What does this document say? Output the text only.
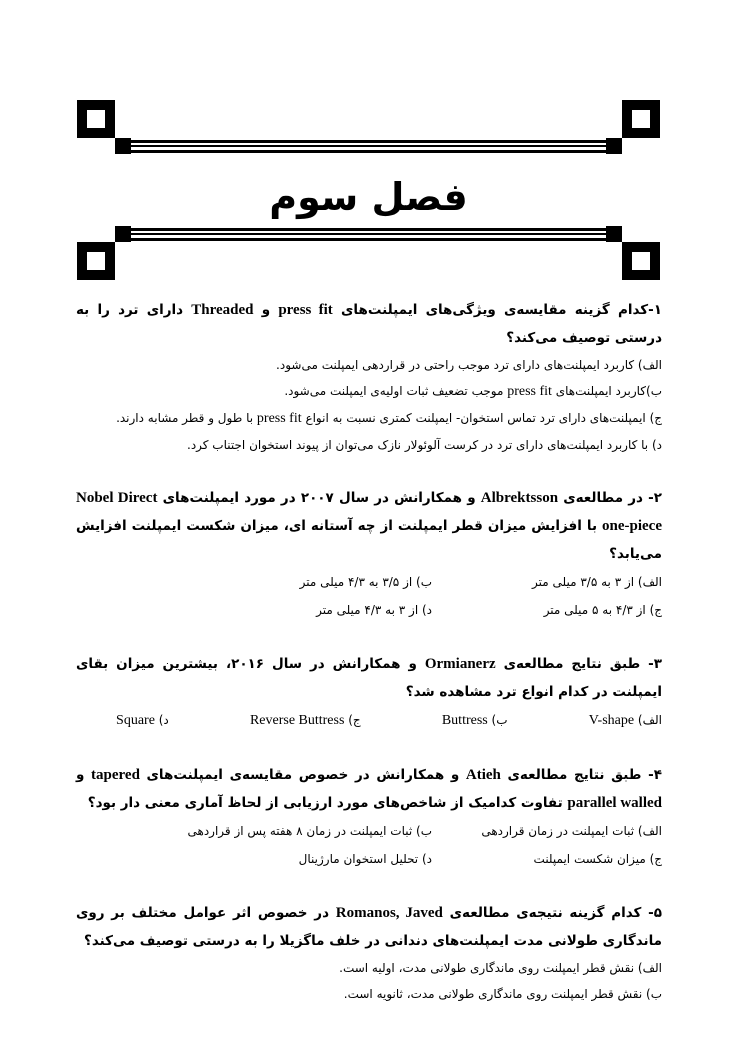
فصل سوم

۱-کدام گزینه مقایسه‌ی ویژگی‌های ایمپلنت‌های press fit و Threaded دارای ترد را به درستی توصیف می‌کند؟

الف) کاربرد ایمپلنت‌های دارای ترد موجب راحتی در قراردهی ایمپلنت می‌شود.

ب)کاربرد ایمپلنت‌های press fit موجب تضعیف ثبات اولیه‌ی ایمپلنت می‌شود.

ج) ایمپلنت‌های دارای ترد تماس استخوان- ایمپلنت کمتری نسبت به انواع press fit با طول و قطر مشابه دارند.

د) با کاربرد ایمپلنت‌های دارای ترد در کرست آلوئولار نازک می‌توان از پیوند استخوان اجتناب کرد.

۲- در مطالعه‌ی Albrektsson و همکارانش در سال ۲۰۰۷ در مورد ایمپلنت‌های Nobel Direct one-piece با افزایش میزان قطر ایمپلنت از چه آستانه ای، میزان شکست ایمپلنت افزایش می‌یابد؟

الف) از ۳ به ۳/۵ میلی متر
ب) از ۳/۵ به ۴/۳ میلی متر
ج) از ۴/۳ به ۵ میلی متر
د) از ۳ به ۴/۳ میلی متر

۳- طبق نتایج مطالعه‌ی Ormianerz و همکارانش در سال ۲۰۱۶، بیشترین میزان بقای ایمپلنت در کدام انواع ترد مشاهده شد؟

الف) V-shape
ب) Buttress
ج) Reverse Buttress
د) Square

۴- طبق نتایج مطالعه‌ی Atieh و همکارانش در خصوص مقایسه‌ی ایمپلنت‌های tapered و parallel walled تفاوت کدامیک از شاخص‌های مورد ارزیابی از لحاظ آماری معنی دار بود؟

الف) ثبات ایمپلنت در زمان قراردهی
ب) ثبات ایمپلنت در زمان ۸ هفته پس از قراردهی
ج) میزان شکست ایمپلنت
د) تحلیل استخوان مارژینال

۵- کدام گزینه نتیجه‌ی مطالعه‌ی Romanos, Javed در خصوص اثر عوامل مختلف بر روی ماندگاری طولانی مدت ایمپلنت‌های دندانی در خلف ماگزیلا را به درستی توصیف می‌کند؟

الف) نقش قطر ایمپلنت روی ماندگاری طولانی مدت، اولیه است.

ب) نقش قطر ایمپلنت روی ماندگاری طولانی مدت، ثانویه است.
